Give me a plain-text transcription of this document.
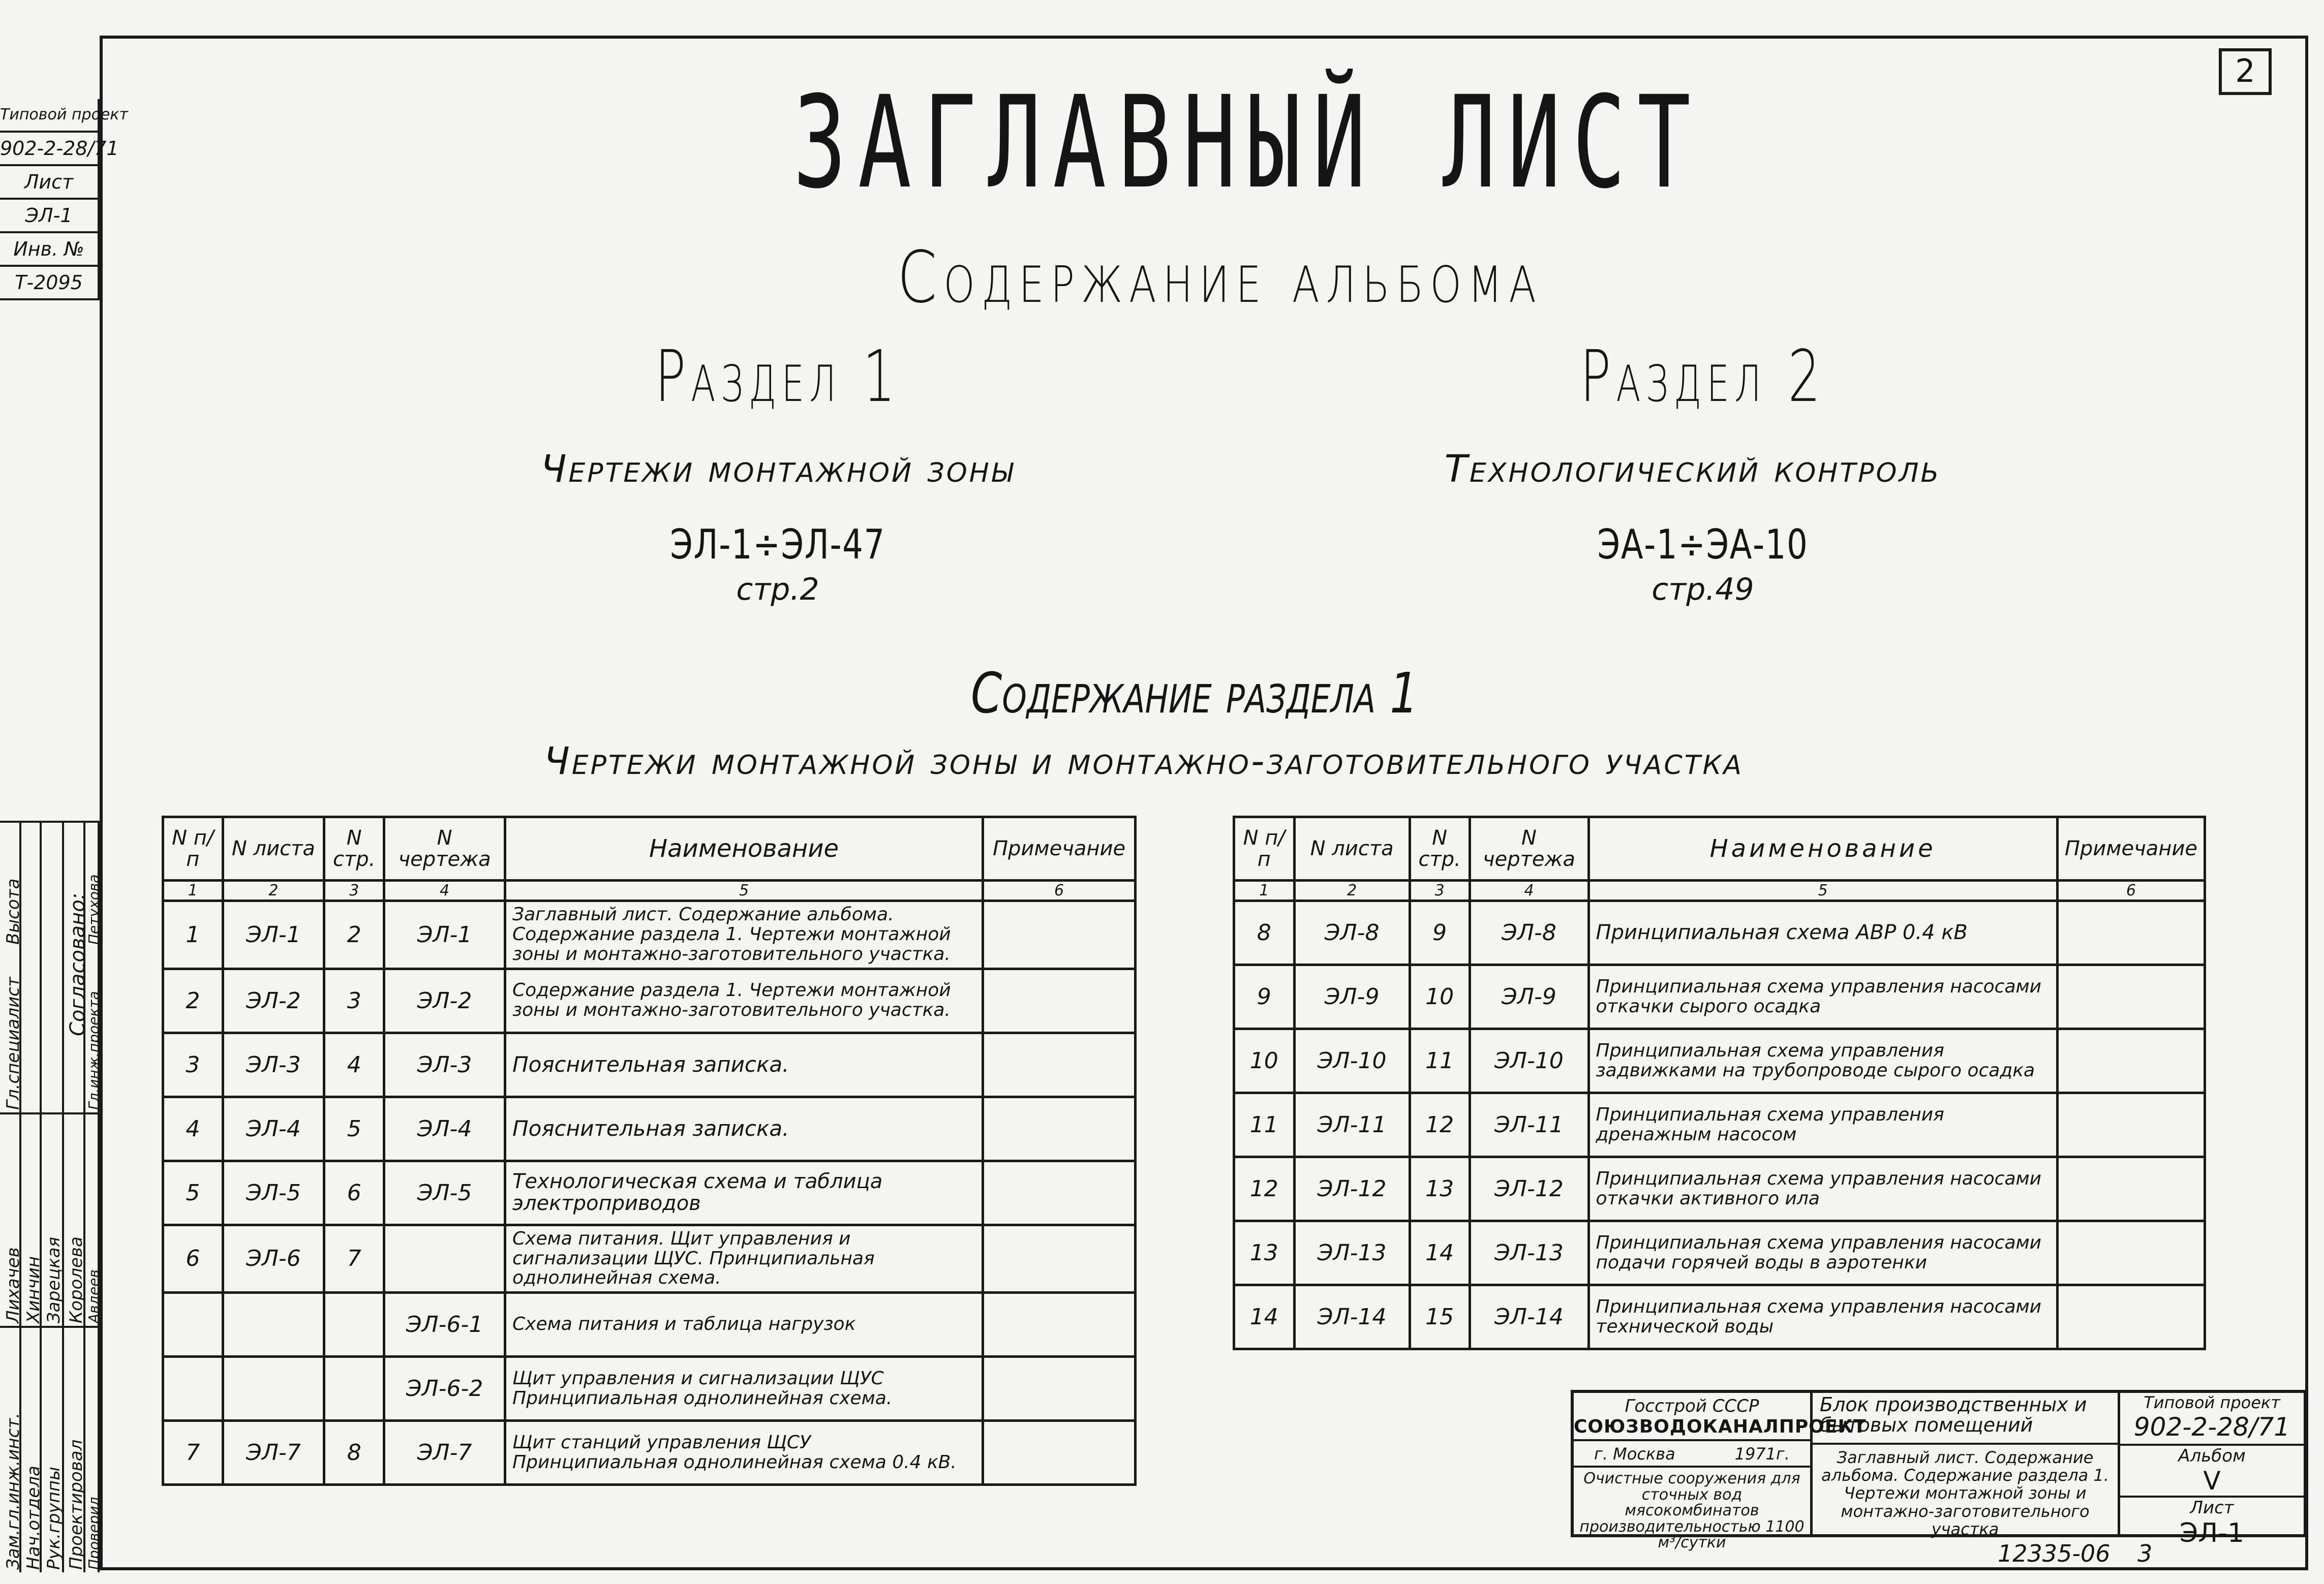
2
Типовой проект
902-2-28/71
Лист
ЭЛ-1
Инв. №
Т-2095
Зам.гл.инж.инст. Нач.отдела Рук.группы Проектировал
Проверил
Лихачев Хинчин Зарецкая Королева
Авдеев
Гл.специалист
Согласовано:
Гл.инж.проекта
Высота	Петухова
ЗАГЛАВНЫЙ ЛИСТ
Содержание альбома
Раздел 1
Чертежи монтажной зоны
ЭЛ-1÷ЭЛ-47
стр.2
Раздел 2
Технологический контроль
ЭА-1÷ЭА-10
стр.49
Содержание раздела 1
Чертежи монтажной зоны и монтажно-заготовительного участка
N п/п	N листа	N стр.	N чертежа	Наименование	Примечание
1	2	3	4	5	6
1	ЭЛ-1	2	ЭЛ-1	Заглавный лист. Содержание альбома. Содержание раздела 1. Чертежи монтажной зоны и монтажно-заготовительного участка.	
2	ЭЛ-2	3	ЭЛ-2	Содержание раздела 1. Чертежи монтажной зоны и монтажно-заготовительного участка.	
3	ЭЛ-3	4	ЭЛ-3	Пояснительная записка.	
4	ЭЛ-4	5	ЭЛ-4	Пояснительная записка.	
5	ЭЛ-5	6	ЭЛ-5	Технологическая схема и таблица электроприводов	
6	ЭЛ-6	7		Схема питания. Щит управления и сигнализации ЩУС. Принципиальная однолинейная схема.	
			ЭЛ-6-1	Схема питания и таблица нагрузок	
			ЭЛ-6-2	Щит управления и сигнализации ЩУС Принципиальная однолинейная схема.	
7	ЭЛ-7	8	ЭЛ-7	Щит станций управления ЩСУ Принципиальная однолинейная схема 0.4 кВ.	
N п/п	N листа	N стр.	N чертежа	Наименование	Примечание
1	2	3	4	5	6
8	ЭЛ-8	9	ЭЛ-8	Принципиальная схема АВР 0.4 кВ	
9	ЭЛ-9	10	ЭЛ-9	Принципиальная схема управления насосами откачки сырого осадка	
10	ЭЛ-10	11	ЭЛ-10	Принципиальная схема управления задвижками на трубопроводе сырого осадка	
11	ЭЛ-11	12	ЭЛ-11	Принципиальная схема управления дренажным насосом	
12	ЭЛ-12	13	ЭЛ-12	Принципиальная схема управления насосами откачки активного ила	
13	ЭЛ-13	14	ЭЛ-13	Принципиальная схема управления насосами подачи горячей воды в аэротенки	
14	ЭЛ-14	15	ЭЛ-14	Принципиальная схема управления насосами технической воды	
Госстрой СССР
СОЮЗВОДОКАНАЛПРОЕКТ
г. Москва	1971г.
Очистные сооружения для сточных вод мясокомбинатов производительностью 1100 м³/сутки
Блок производственных и бытовых помещений
Заглавный лист. Содержание альбома. Содержание раздела 1. Чертежи монтажной зоны и монтажно-заготовительного участка
Типовой проект
902-2-28/71
Альбом
V
Лист
ЭЛ-1
12335-06 3
